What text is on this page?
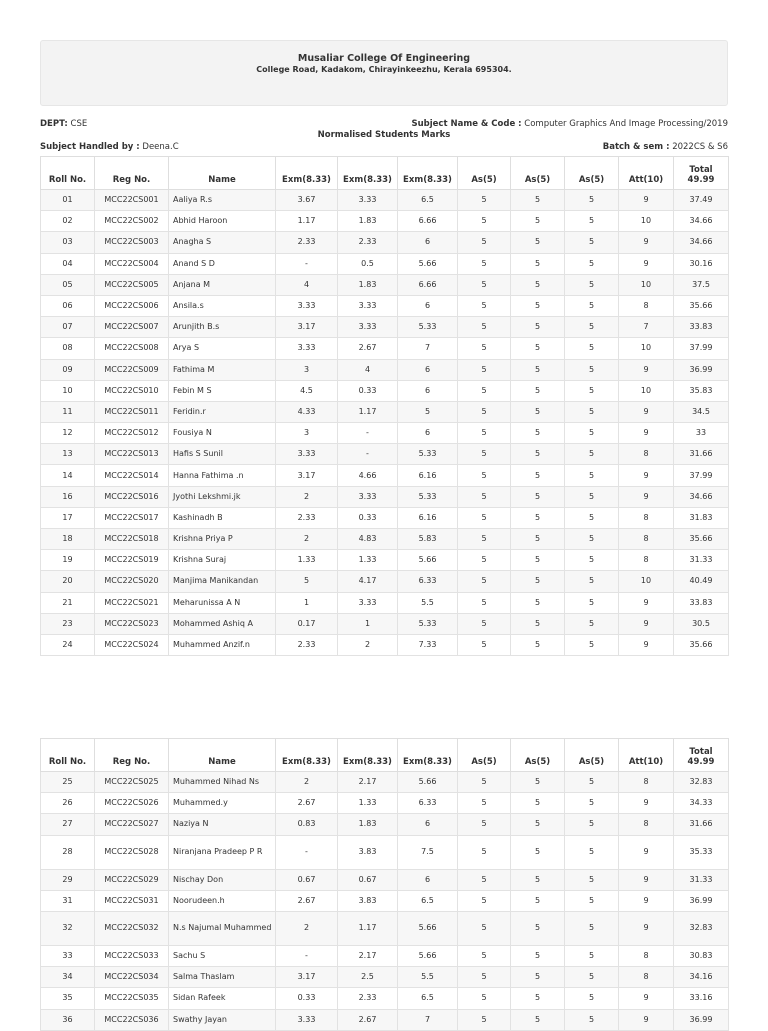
Musaliar College Of Engineering
College Road, Kadakom, Chirayinkeezhu, Kerala 695304.
DEPT: CSE	Subject Name & Code : Computer Graphics And Image Processing/2019
Normalised Students Marks
Subject Handled by : Deena.C	Batch & sem : 2022CS & S6
Roll No.	Reg No.	Name	Exm(8.33)	Exm(8.33)	Exm(8.33)	As(5)	As(5)	As(5)	Att(10)	Total
49.99
01	MCC22CS001	Aaliya R.s	3.67	3.33	6.5	5	5	5	9	37.49
02	MCC22CS002	Abhid Haroon	1.17	1.83	6.66	5	5	5	10	34.66
03	MCC22CS003	Anagha S	2.33	2.33	6	5	5	5	9	34.66
04	MCC22CS004	Anand S D	-	0.5	5.66	5	5	5	9	30.16
05	MCC22CS005	Anjana M	4	1.83	6.66	5	5	5	10	37.5
06	MCC22CS006	Ansila.s	3.33	3.33	6	5	5	5	8	35.66
07	MCC22CS007	Arunjith B.s	3.17	3.33	5.33	5	5	5	7	33.83
08	MCC22CS008	Arya S	3.33	2.67	7	5	5	5	10	37.99
09	MCC22CS009	Fathima M	3	4	6	5	5	5	9	36.99
10	MCC22CS010	Febin M S	4.5	0.33	6	5	5	5	10	35.83
11	MCC22CS011	Feridin.r	4.33	1.17	5	5	5	5	9	34.5
12	MCC22CS012	Fousiya N	3	-	6	5	5	5	9	33
13	MCC22CS013	Hafis S Sunil	3.33	-	5.33	5	5	5	8	31.66
14	MCC22CS014	Hanna Fathima .n	3.17	4.66	6.16	5	5	5	9	37.99
16	MCC22CS016	Jyothi Lekshmi.jk	2	3.33	5.33	5	5	5	9	34.66
17	MCC22CS017	Kashinadh B	2.33	0.33	6.16	5	5	5	8	31.83
18	MCC22CS018	Krishna Priya P	2	4.83	5.83	5	5	5	8	35.66
19	MCC22CS019	Krishna Suraj	1.33	1.33	5.66	5	5	5	8	31.33
20	MCC22CS020	Manjima Manikandan	5	4.17	6.33	5	5	5	10	40.49
21	MCC22CS021	Meharunissa A N	1	3.33	5.5	5	5	5	9	33.83
23	MCC22CS023	Mohammed Ashiq A	0.17	1	5.33	5	5	5	9	30.5
24	MCC22CS024	Muhammed Anzif.n	2.33	2	7.33	5	5	5	9	35.66
Roll No.	Reg No.	Name	Exm(8.33)	Exm(8.33)	Exm(8.33)	As(5)	As(5)	As(5)	Att(10)	Total
49.99
25	MCC22CS025	Muhammed Nihad Ns	2	2.17	5.66	5	5	5	8	32.83
26	MCC22CS026	Muhammed.y	2.67	1.33	6.33	5	5	5	9	34.33
27	MCC22CS027	Naziya N	0.83	1.83	6	5	5	5	8	31.66
28	MCC22CS028	Niranjana Pradeep P R	-	3.83	7.5	5	5	5	9	35.33
29	MCC22CS029	Nischay Don	0.67	0.67	6	5	5	5	9	31.33
31	MCC22CS031	Noorudeen.h	2.67	3.83	6.5	5	5	5	9	36.99
32	MCC22CS032	N.s Najumal Muhammed	2	1.17	5.66	5	5	5	9	32.83
33	MCC22CS033	Sachu S	-	2.17	5.66	5	5	5	8	30.83
34	MCC22CS034	Salma Thaslam	3.17	2.5	5.5	5	5	5	8	34.16
35	MCC22CS035	Sidan Rafeek	0.33	2.33	6.5	5	5	5	9	33.16
36	MCC22CS036	Swathy Jayan	3.33	2.67	7	5	5	5	9	36.99
